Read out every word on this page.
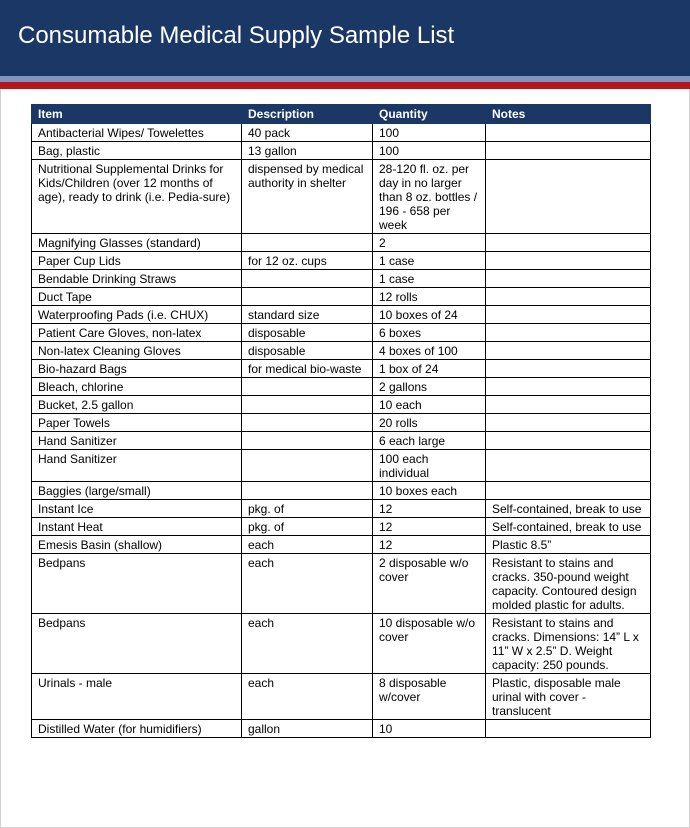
Consumable Medical Supply Sample List
Item	Description	Quantity	Notes
Antibacterial Wipes/ Towelettes	40 pack	100	
Bag, plastic	13 gallon	100	
Nutritional Supplemental Drinks for Kids/Children (over 12 months of age), ready to drink (i.e. Pedia-sure)	dispensed by medical authority in shelter	28-120 fl. oz. per day in no larger than 8 oz. bottles / 196 - 658 per week	
Magnifying Glasses (standard)		2	
Paper Cup Lids	for 12 oz. cups	1 case	
Bendable Drinking Straws		1 case	
Duct Tape		12 rolls	
Waterproofing Pads (i.e. CHUX)	standard size	10 boxes of 24	
Patient Care Gloves, non-latex	disposable	6 boxes	
Non-latex Cleaning Gloves	disposable	4 boxes of 100	
Bio-hazard Bags	for medical bio-waste	1 box of 24	
Bleach, chlorine		2 gallons	
Bucket, 2.5 gallon		10 each	
Paper Towels		20 rolls	
Hand Sanitizer		6 each large	
Hand Sanitizer		100 each individual	
Baggies (large/small)		10 boxes each	
Instant Ice	pkg. of	12	Self-contained, break to use
Instant Heat	pkg. of	12	Self-contained, break to use
Emesis Basin (shallow)	each	12	Plastic 8.5”
Bedpans	each	2 disposable w/o cover	Resistant to stains and cracks. 350-pound weight capacity. Contoured design molded plastic for adults.
Bedpans	each	10 disposable w/o cover	Resistant to stains and cracks. Dimensions: 14” L x 11” W x 2.5” D. Weight capacity: 250 pounds.
Urinals - male	each	8 disposable w/cover	Plastic, disposable male urinal with cover - translucent
Distilled Water (for humidifiers)	gallon	10	
